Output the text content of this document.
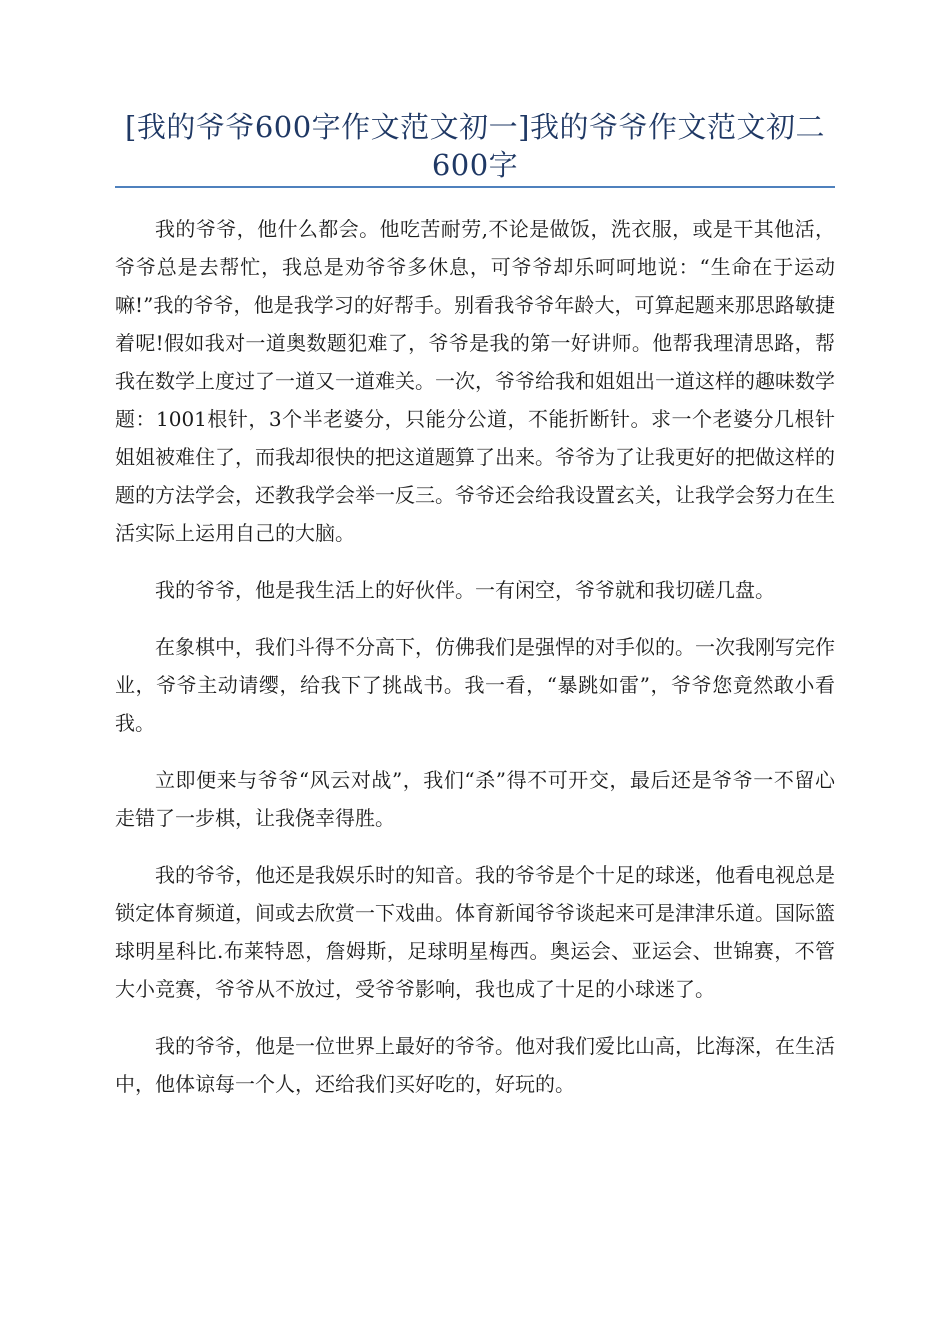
[我的爷爷600字作文范文初一]我的爷爷作文范文初二600字

我的爷爷，他什么都会。他吃苦耐劳,不论是做饭，洗衣服，或是干其他活，爷爷总是去帮忙，我总是劝爷爷多休息，可爷爷却乐呵呵地说：“生命在于运动嘛!”我的爷爷，他是我学习的好帮手。别看我爷爷年龄大，可算起题来那思路敏捷着呢!假如我对一道奥数题犯难了，爷爷是我的第一好讲师。他帮我理清思路，帮我在数学上度过了一道又一道难关。一次，爷爷给我和姐姐出一道这样的趣味数学题：1001根针，3个半老婆分，只能分公道，不能折断针。求一个老婆分几根针姐姐被难住了，而我却很快的把这道题算了出来。爷爷为了让我更好的把做这样的题的方法学会，还教我学会举一反三。爷爷还会给我设置玄关，让我学会努力在生活实际上运用自己的大脑。

我的爷爷，他是我生活上的好伙伴。一有闲空，爷爷就和我切磋几盘。

在象棋中，我们斗得不分高下，仿佛我们是强悍的对手似的。一次我刚写完作业，爷爷主动请缨，给我下了挑战书。我一看，“暴跳如雷”，爷爷您竟然敢小看我。

立即便来与爷爷“风云对战”，我们“杀”得不可开交，最后还是爷爷一不留心走错了一步棋，让我侥幸得胜。

我的爷爷，他还是我娱乐时的知音。我的爷爷是个十足的球迷，他看电视总是锁定体育频道，间或去欣赏一下戏曲。体育新闻爷爷谈起来可是津津乐道。国际篮球明星科比.布莱特恩，詹姆斯，足球明星梅西。奥运会、亚运会、世锦赛，不管大小竞赛，爷爷从不放过，受爷爷影响，我也成了十足的小球迷了。

我的爷爷，他是一位世界上最好的爷爷。他对我们爱比山高，比海深，在生活中，他体谅每一个人，还给我们买好吃的，好玩的。
